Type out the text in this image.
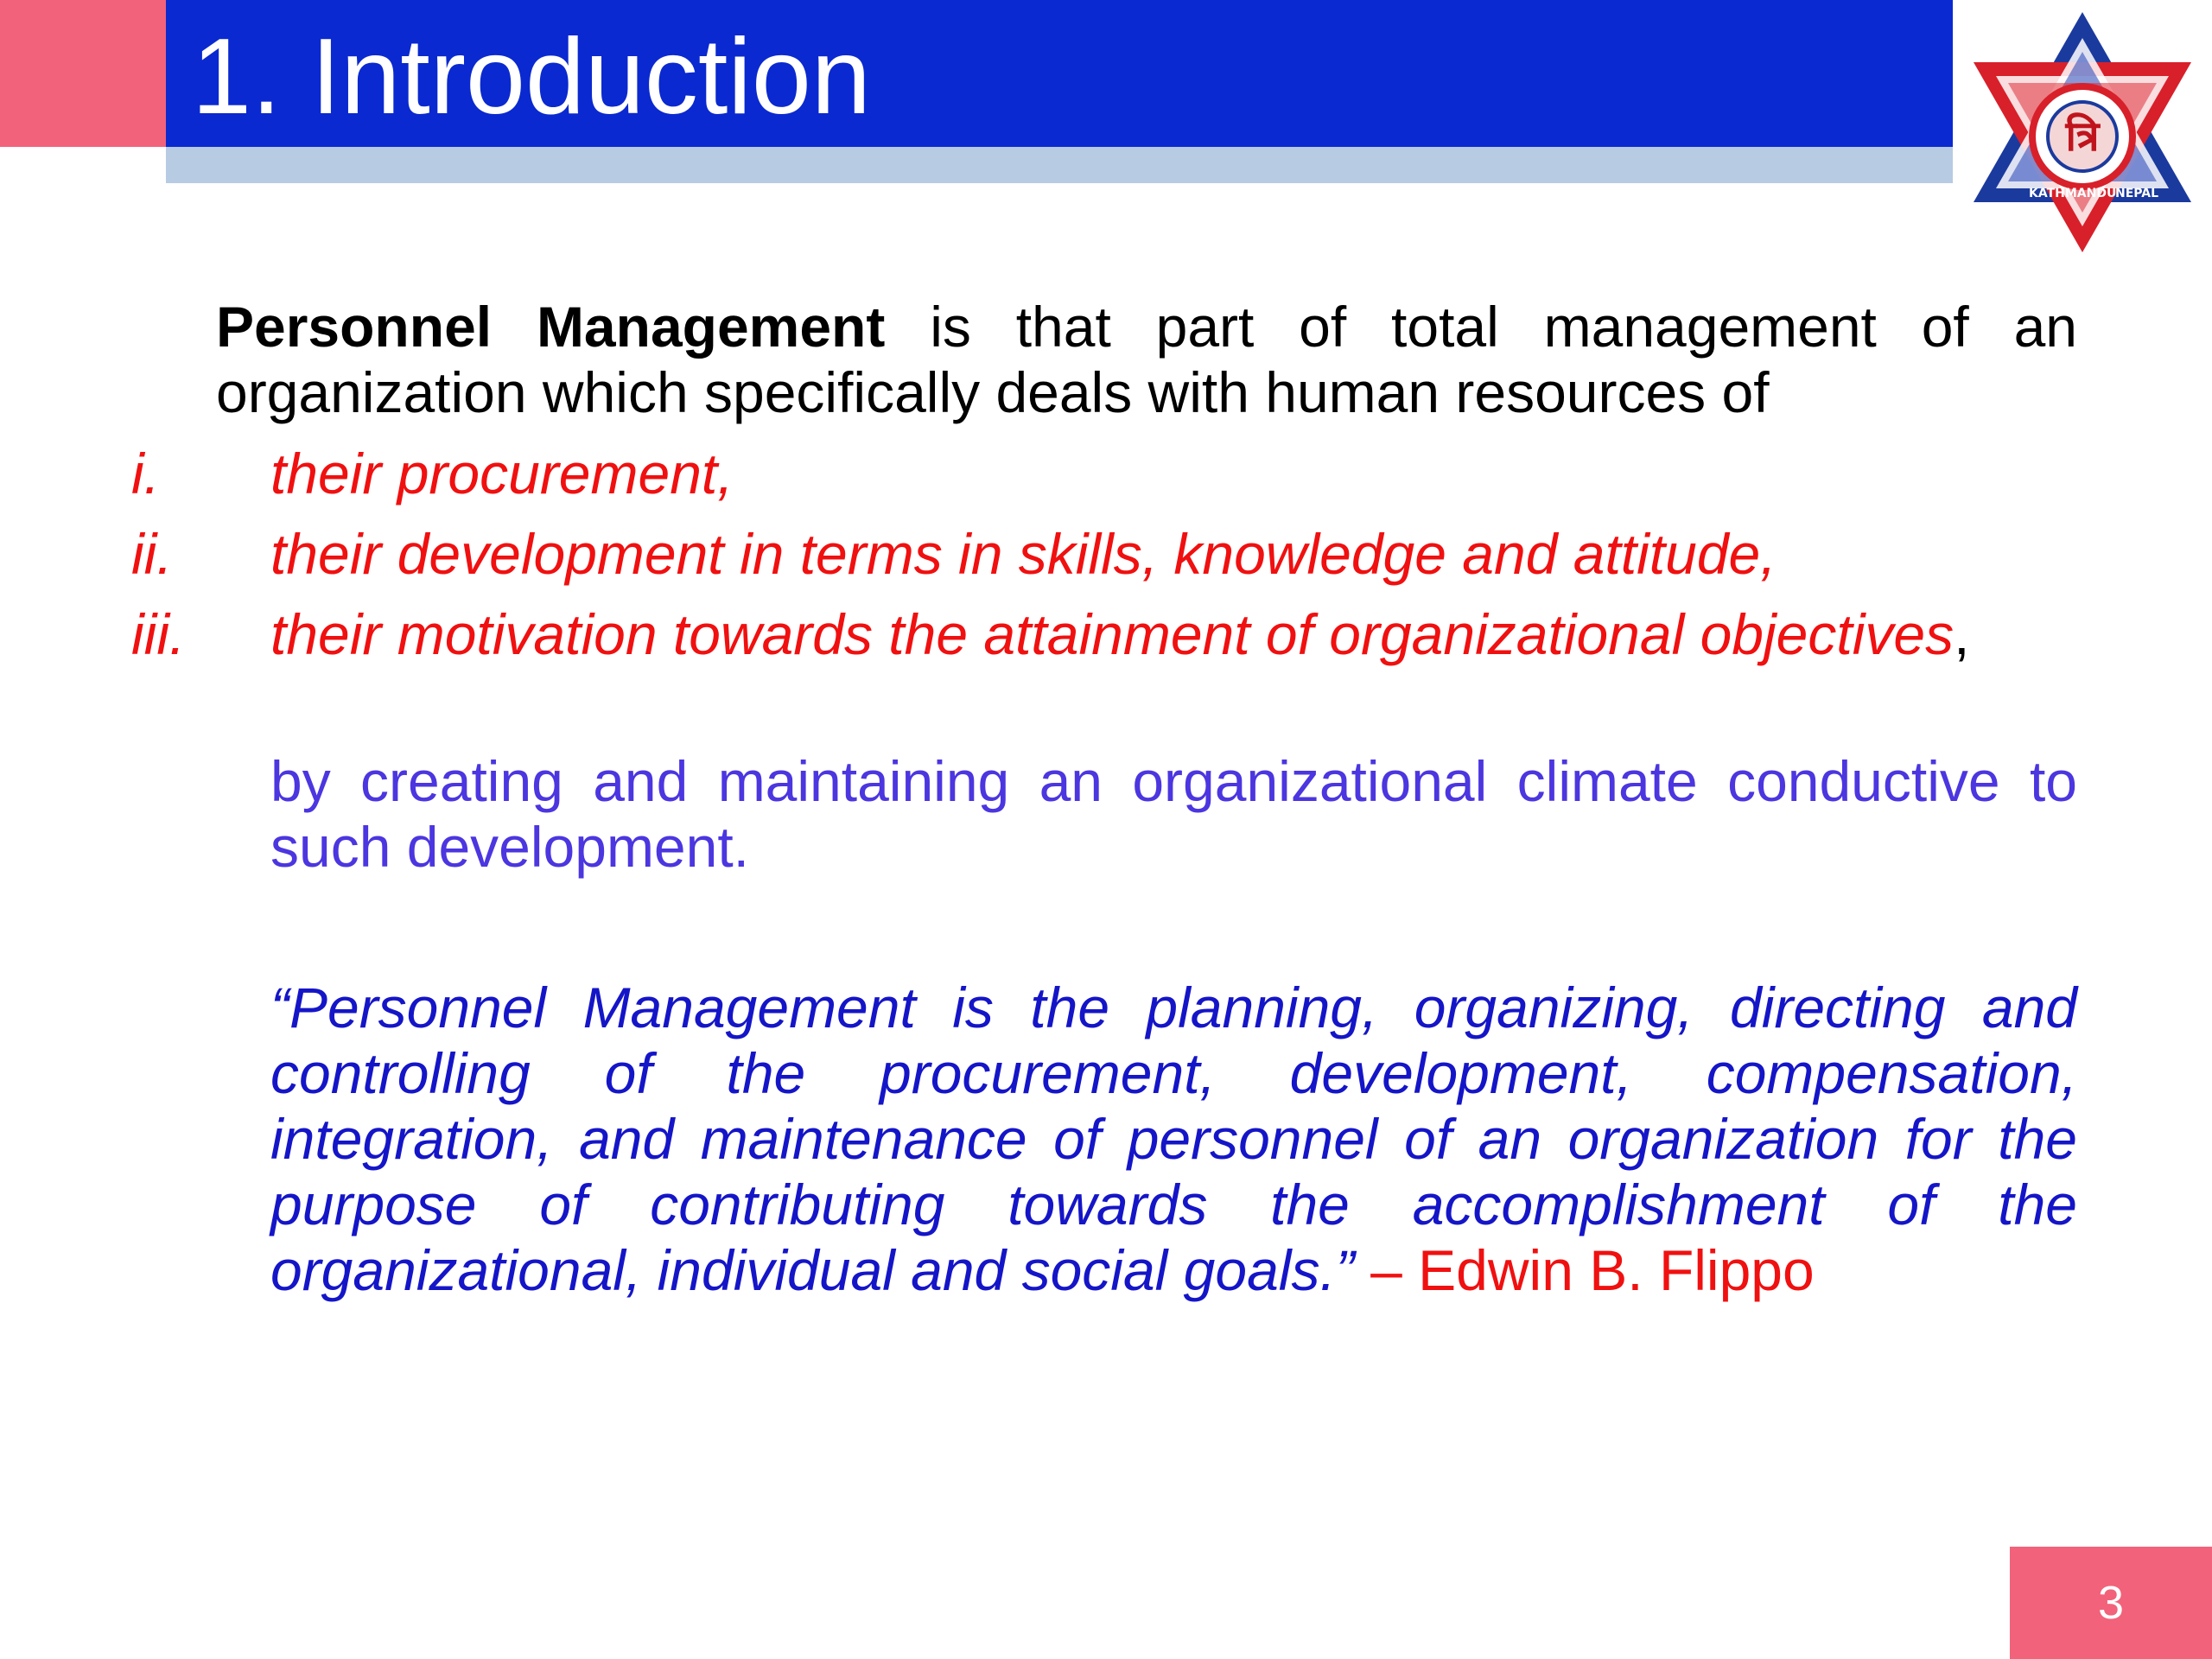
1. Introduction	त्रि
KATHMANDU
NEPAL
Personnel Management is that part of total management of an organization which specifically deals with human resources of
i. their procurement,
ii. their development in terms in skills, knowledge and attitude,
iii. their motivation towards the attainment of organizational objectives,
by creating and maintaining an organizational climate conductive to such development.
“Personnel Management is the planning, organizing, directing and controlling of the procurement, development, compensation, integration, and maintenance of personnel of an organization for the purpose of contributing towards the accomplishment of the organizational, individual and social goals.” – Edwin B. Flippo
3
